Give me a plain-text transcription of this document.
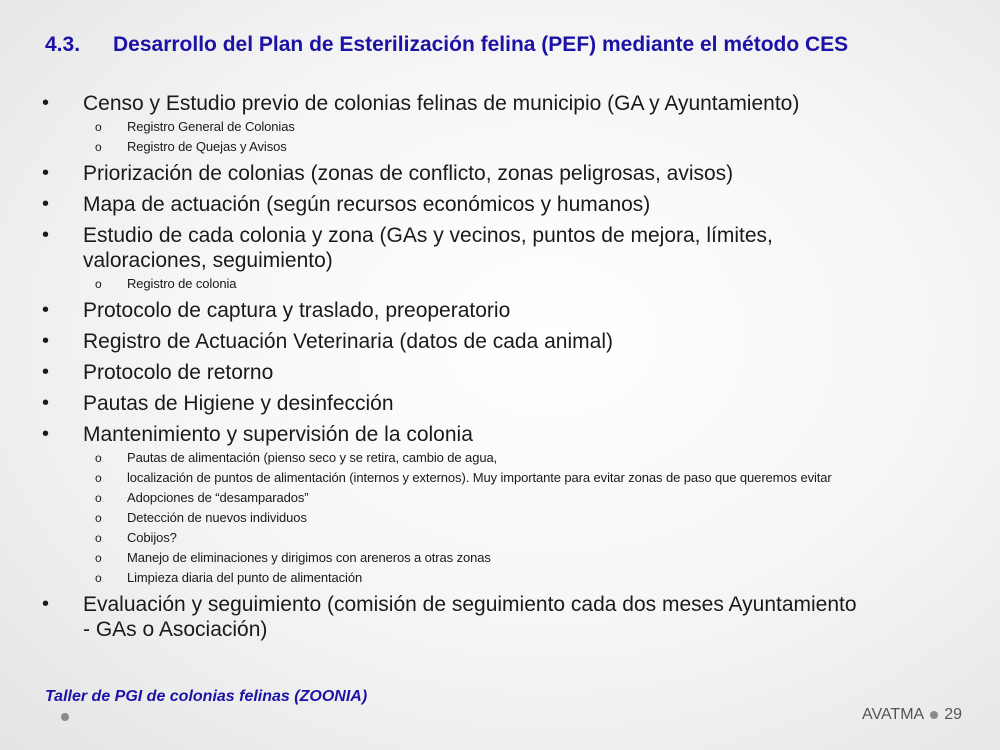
4.3. Desarrollo del Plan de Esterilización felina (PEF) mediante el método CES
•	Censo y Estudio previo de colonias felinas de municipio (GA y Ayuntamiento)
o Registro General de Colonias
o Registro de Quejas y Avisos
•	Priorización de colonias (zonas de conflicto, zonas peligrosas, avisos)
•	Mapa de actuación (según recursos económicos y humanos)
•	Estudio de cada colonia y zona (GAs y vecinos, puntos de mejora, límites,
valoraciones, seguimiento)
o Registro de colonia
•	Protocolo de captura y traslado, preoperatorio
•	Registro de Actuación Veterinaria (datos de cada animal)
•	Protocolo de retorno
•	Pautas de Higiene y desinfección
•	Mantenimiento y supervisión de la colonia
o Pautas de alimentación (pienso seco y se retira, cambio de agua,
o localización de puntos de alimentación (internos y externos). Muy importante para evitar zonas de paso que queremos evitar
o Adopciones de “desamparados”
o Detección de nuevos individuos
o Cobijos?
o Manejo de eliminaciones y dirigimos con areneros a otras zonas
o Limpieza diaria del punto de alimentación
•	Evaluación y seguimiento (comisión de seguimiento cada dos meses Ayuntamiento
- GAs o Asociación)
Taller de PGI de colonias felinas (ZOONIA)
AVATMA 29
